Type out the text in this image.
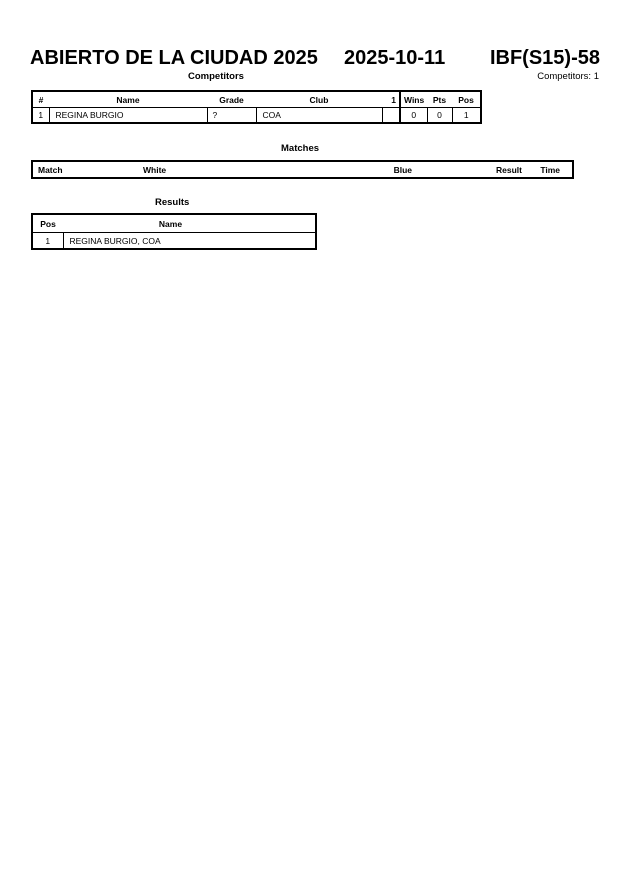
ABIERTO DE LA CIUDAD 2025 2025-10-11 IBF(S15)-58
Competitors: 1
Competitors
#	Name	Grade	Club	1	Wins	Pts	Pos
1	REGINA BURGIO	?	COA		0	0	1
Matches
Match	White	Blue	Result	Time
Results
Pos	Name
1	REGINA BURGIO, COA
